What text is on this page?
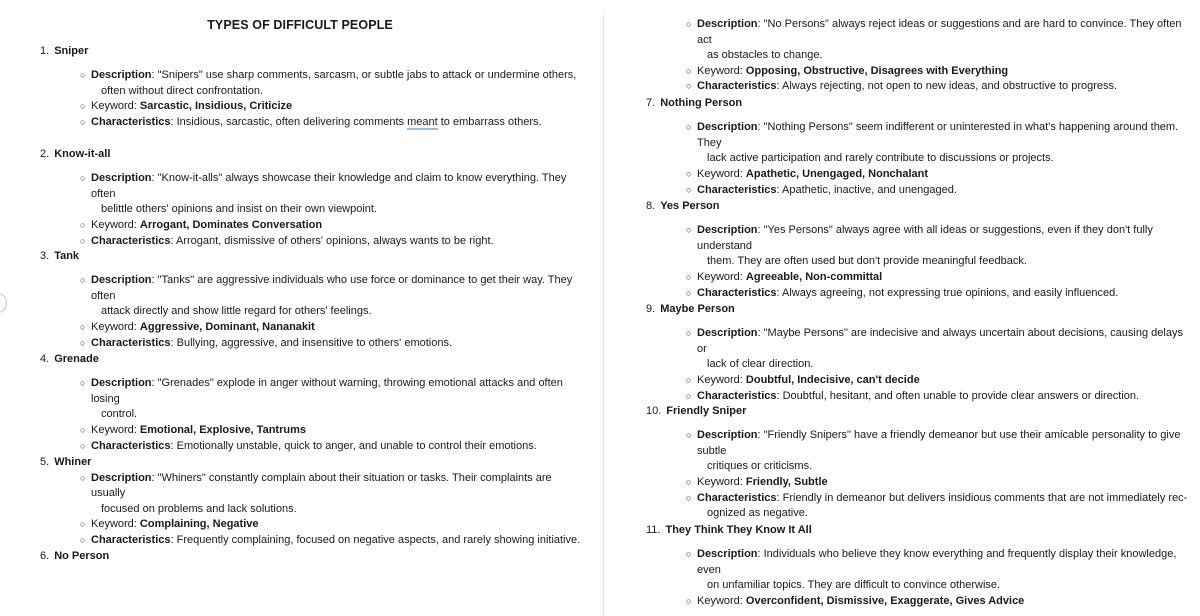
TYPES OF DIFFICULT PEOPLE
1. Sniper
○ Description: "Snipers" use sharp comments, sarcasm, or subtle jabs to attack or undermine others,
often without direct confrontation.
○ Keyword: Sarcastic, Insidious, Criticize
○ Characteristics: Insidious, sarcastic, often delivering comments meant to embarrass others.
2. Know-it-all
○ Description: "Know-it-alls" always showcase their knowledge and claim to know everything. They often
belittle others' opinions and insist on their own viewpoint.
○ Keyword: Arrogant, Dominates Conversation
○ Characteristics: Arrogant, dismissive of others' opinions, always wants to be right.
3. Tank
○ Description: "Tanks" are aggressive individuals who use force or dominance to get their way. They often
attack directly and show little regard for others' feelings.
○ Keyword: Aggressive, Dominant, Nananakit
○ Characteristics: Bullying, aggressive, and insensitive to others' emotions.
○
4. Grenade
○ Description: "Grenades" explode in anger without warning, throwing emotional attacks and often losing
control.
○ Keyword: Emotional, Explosive, Tantrums
○ Characteristics: Emotionally unstable, quick to anger, and unable to control their emotions.
5. Whiner
○ Description: "Whiners" constantly complain about their situation or tasks. Their complaints are usually
focused on problems and lack solutions.
○ Keyword: Complaining, Negative
○ Characteristics: Frequently complaining, focused on negative aspects, and rarely showing initiative.
6. No Person
○ Description: "No Persons" always reject ideas or suggestions and are hard to convince. They often act
as obstacles to change.
○ Keyword: Opposing, Obstructive, Disagrees with Everything
○ Characteristics: Always rejecting, not open to new ideas, and obstructive to progress.
7. Nothing Person
○ Description: "Nothing Persons" seem indifferent or uninterested in what's happening around them. They
lack active participation and rarely contribute to discussions or projects.
○ Keyword: Apathetic, Unengaged, Nonchalant
○ Characteristics: Apathetic, inactive, and unengaged.
8. Yes Person
○ Description: "Yes Persons" always agree with all ideas or suggestions, even if they don't fully understand
them. They are often used but don't provide meaningful feedback.
○ Keyword: Agreeable, Non-committal
○ Characteristics: Always agreeing, not expressing true opinions, and easily influenced.
9. Maybe Person
○ Description: "Maybe Persons" are indecisive and always uncertain about decisions, causing delays or
lack of clear direction.
○ Keyword: Doubtful, Indecisive, can't decide
○ Characteristics: Doubtful, hesitant, and often unable to provide clear answers or direction.
10. Friendly Sniper
○ Description: "Friendly Snipers" have a friendly demeanor but use their amicable personality to give subtle
critiques or criticisms.
○ Keyword: Friendly, Subtle
○ Characteristics: Friendly in demeanor but delivers insidious comments that are not immediately rec-
ognized as negative.
11. They Think They Know It All
○ Description: Individuals who believe they know everything and frequently display their knowledge, even
on unfamiliar topics. They are difficult to convince otherwise.
○ Keyword: Overconfident, Dismissive, Exaggerate, Gives Advice
